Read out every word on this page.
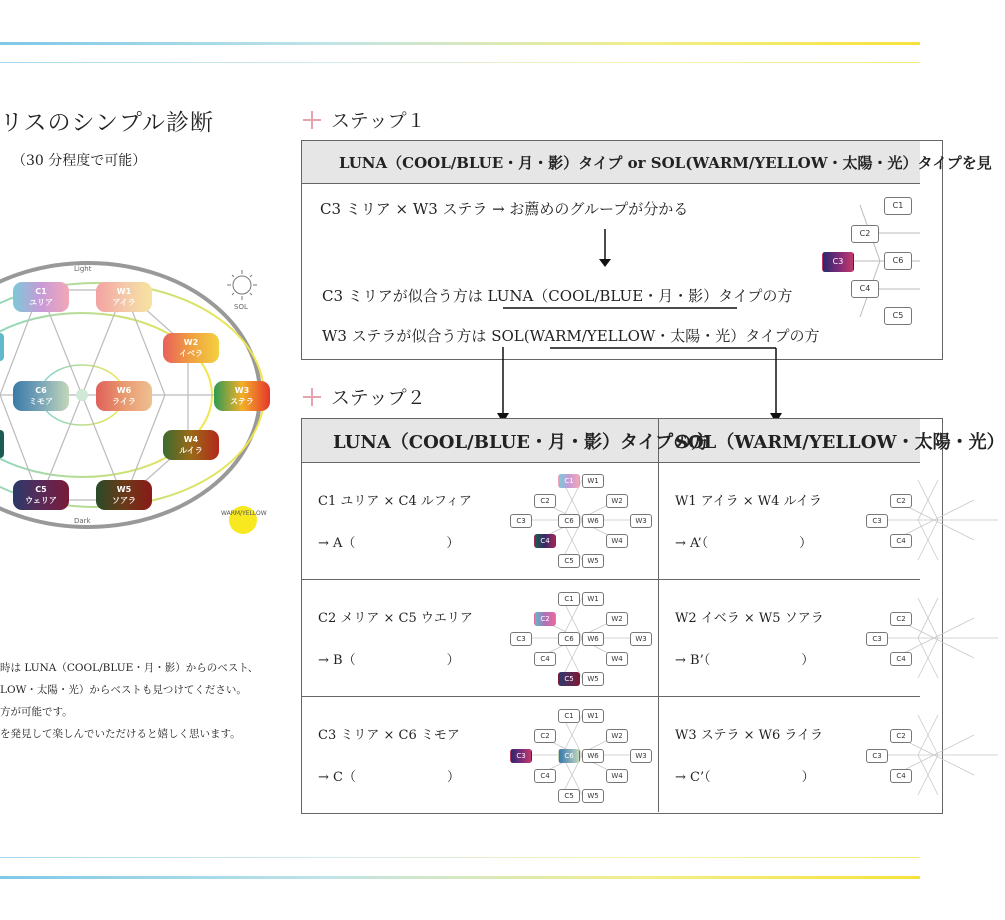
リスのシンプル診断
（30 分程度で可能）
Light
Dark
SOL
WARM/YELLOW
C1
ユリア
W1
アイラ
W2
イベラ
C6
ミモア
W6
ライラ
W3
ステラ
W4
ルイラ
C5
ウェリア
W5
ソアラ
時は LUNA（COOL/BLUE・月・影）からのベスト、
LOW・太陽・光）からベストも見つけてください。
方が可能です。
を発見して楽しんでいただけると嬉しく思います。
ステップ１
LUNA（COOL/BLUE・月・影）タイプ or SOL(WARM/YELLOW・太陽・光）タイプを見
C3 ミリア × W3 ステラ → お薦めのグループが分かる
C3 ミリアが似合う方は LUNA（COOL/BLUE・月・影）タイプの方
W3 ステラが似合う方は SOL(WARM/YELLOW・太陽・光）タイプの方
C1
C2
C3
C4
C6
C5
ステップ２
LUNA（COOL/BLUE・月・影）タイプの方
SOL（WARM/YELLOW・太陽・光）
C1 ユリア × C4 ルフィア
→ A（　　　　　　　）
W1 アイラ × W4 ルイラ
→ A’（　　　　　　　）
C2 メリア × C5 ウエリア
→ B（　　　　　　　）
W2 イベラ × W5 ソアラ
→ B’（　　　　　　　）
C3 ミリア × C6 ミモア
→ C（　　　　　　　）
W3 ステラ × W6 ライラ
→ C’（　　　　　　　）
C1	W1
C2	W2
C3	C6	W6	W3
C4	W4
C5	W5
C2
C3
C4
C1	W1
C2	W2
C3	C6	W6	W3
C4	W4
C5	W5
C2
C3
C4
C1	W1
C2	W2
C3	C6	W6	W3
C4	W4
C5	W5
C2
C3
C4
